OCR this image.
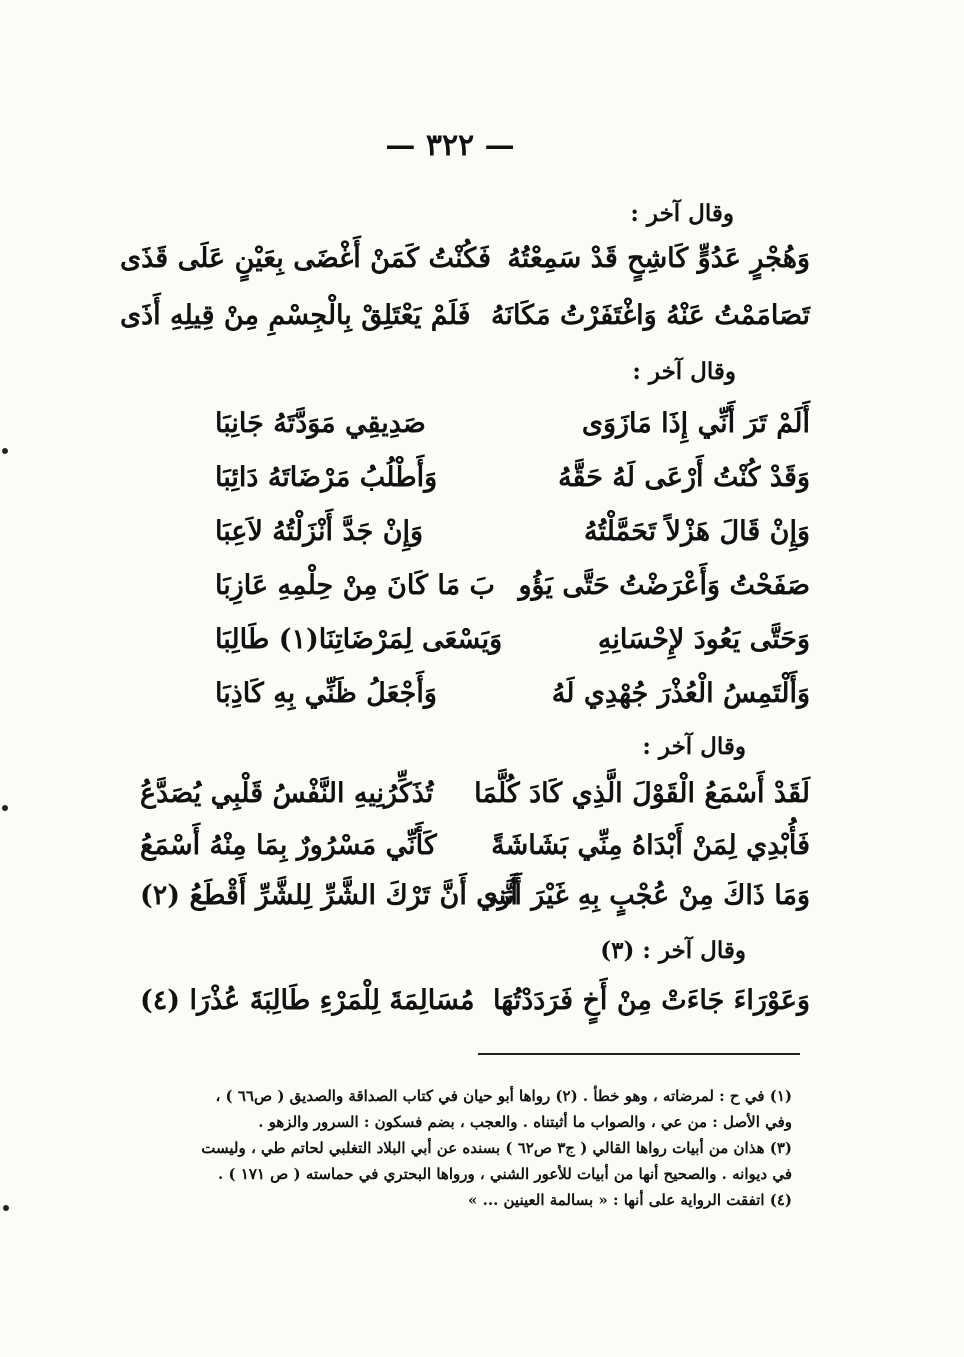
— ٣٢٢ —
وقال آخر :
وَهُجْرٍ عَدُوٍّ كَاشِحٍ قَدْ سَمِعْتُهُ
فَكُنْتُ كَمَنْ أَغْضَى بِعَيْنٍ عَلَى قَذَى
تَصَامَمْتُ عَنْهُ وَاغْتَفَرْتُ مَكَانَهُ
فَلَمْ يَعْتَلِقْ بِالْجِسْمِ مِنْ قِيلِهِ أَذَى
وقال آخر :
أَلَمْ تَرَ أَنِّي إِذَا مَازَوَى
صَدِيقِي مَوَدَّتَهُ جَانِبَا
وَقَدْ كُنْتُ أَرْعَى لَهُ حَقَّهُ
وَأَطْلُبُ مَرْضَاتَهُ دَائِبَا
وَإِنْ قَالَ هَزْلاً تَحَمَّلْتُهُ
وَإِنْ جَدَّ أَنْزَلْتُهُ لاَعِبَا
صَفَحْتُ وَأَعْرَضْتُ حَتَّى يَؤُو
بَ مَا كَانَ مِنْ حِلْمِهِ عَازِبَا
وَحَتَّى يَعُودَ لإِحْسَانِهِ
وَيَسْعَى لِمَرْضَاتِنَا(١) طَالِبَا
وَأَلْتَمِسُ الْعُذْرَ جُهْدِي لَهُ
وَأَجْعَلُ ظَنِّي بِهِ كَاذِبَا
وقال آخر :
لَقَدْ أَسْمَعُ الْقَوْلَ الَّذِي كَادَ كُلَّمَا
تُذَكِّرُنِيهِ النَّفْسُ قَلْبِي يُصَدَّعُ
فَأُبْدِي لِمَنْ أَبْدَاهُ مِنِّي بَشَاشَةً
كَأَنِّي مَسْرُورٌ بِمَا مِنْهُ أَسْمَعُ
وَمَا ذَاكَ مِنْ عُجْبٍ بِهِ غَيْرَ أَنَّنِي
أَرَى أَنَّ تَرْكَ الشَّرِّ لِلشَّرِّ أَقْطَعُ (٢)
وقال آخر : (٣)
وَعَوْرَاءَ جَاءَتْ مِنْ أَخٍ فَرَدَدْتُهَا
مُسَالِمَةَ لِلْمَرْءِ طَالِبَةَ عُذْرَا (٤)
(١) في ح : لمرضاته ، وهو خطأ . (٢) رواها أبو حيان في كتاب الصداقة والصديق ( ص٦٦ ) ،
وفي الأصل : من عي ، والصواب ما أثبتناه . والعجب ، بضم فسكون : السرور والزهو .
(٣) هذان من أبيات رواها القالي ( ج٣ ص٦٢ ) بسنده عن أبي البلاد التغلبي لحاتم طي ، وليست
في ديوانه . والصحيح أنها من أبيات للأعور الشني ، ورواها البحتري في حماسته ( ص ١٧١ ) .
(٤) اتفقت الرواية على أنها : « بسالمة العينين ... »
